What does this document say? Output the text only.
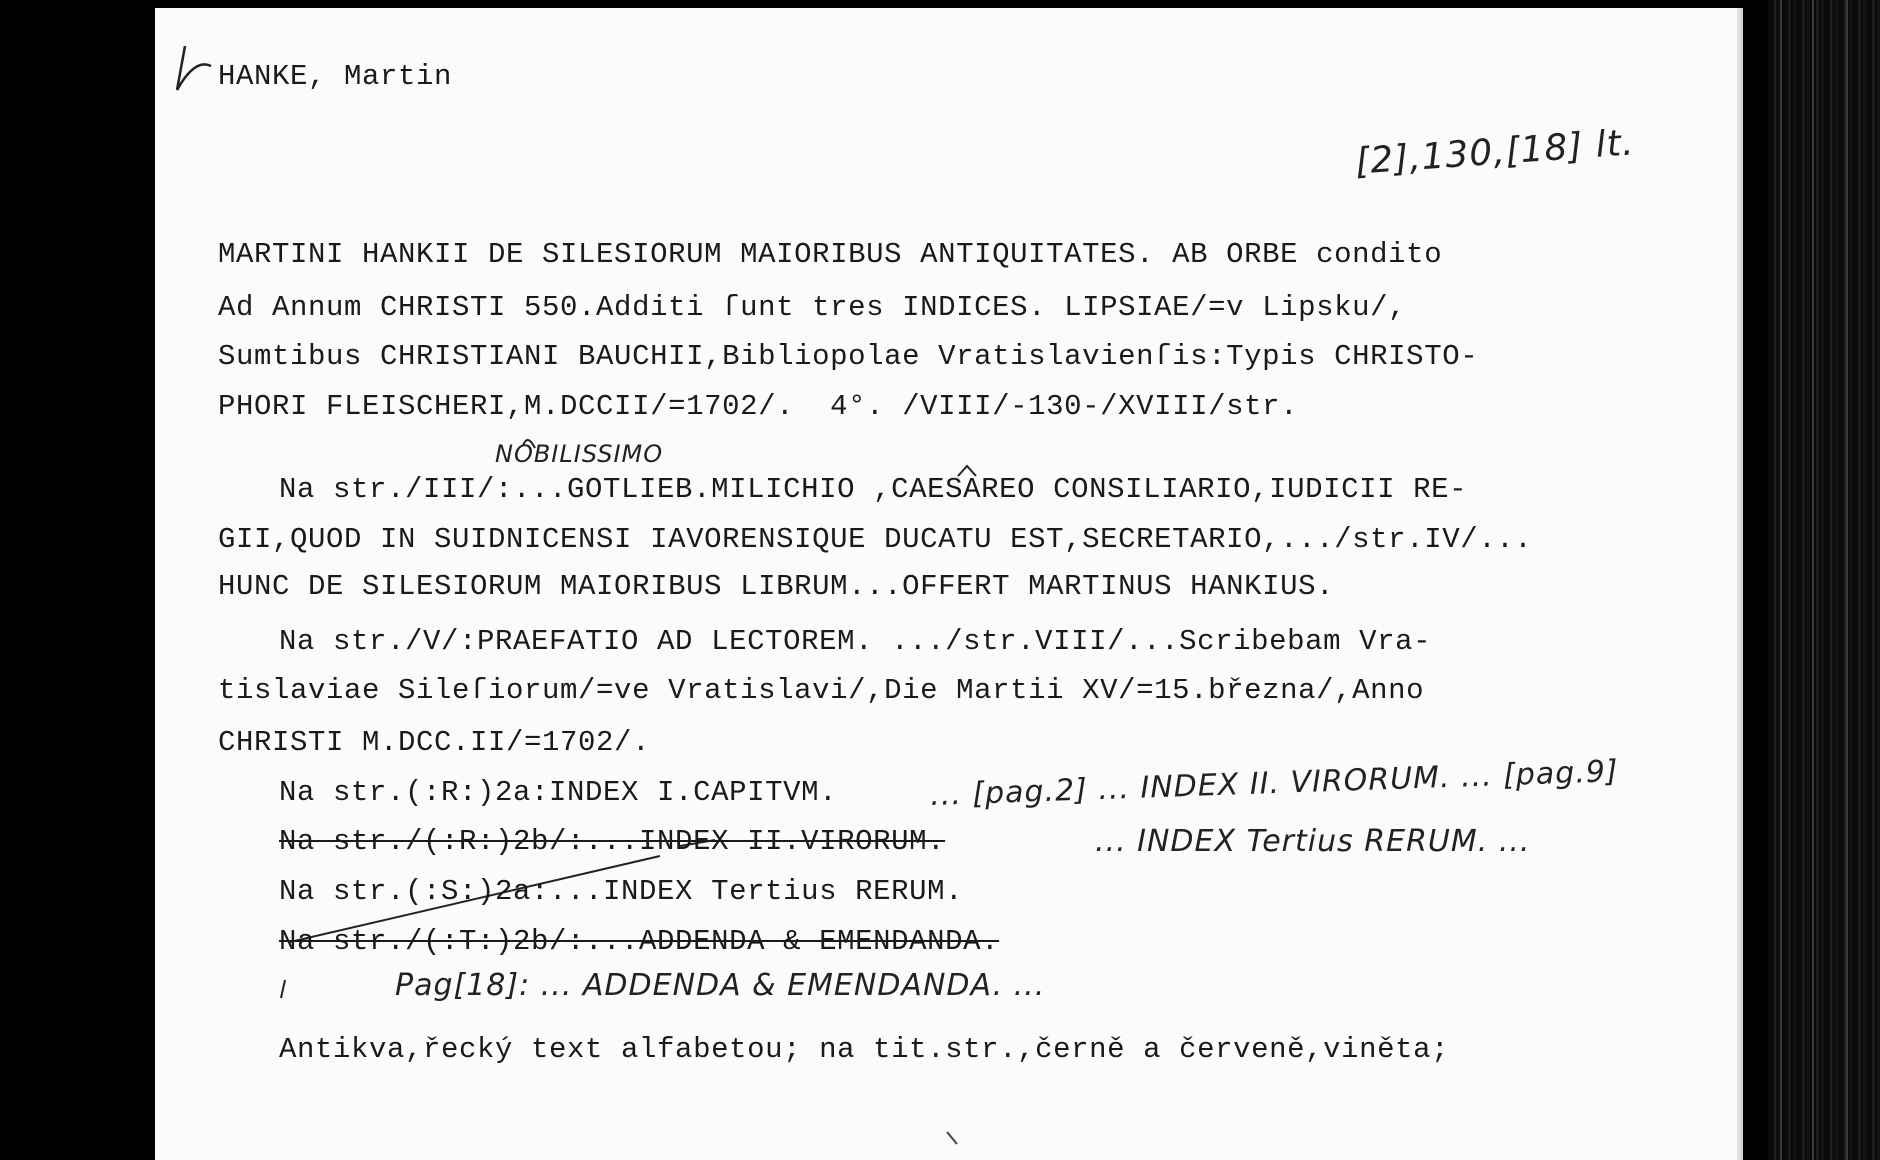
HANKE, Martin
[2],130,[18] lt.
MARTINI HANKII DE SILESIORUM MAIORIBUS ANTIQUITATES. AB ORBE condito
Ad Annum CHRISTI 550.Additi ſunt tres INDICES. LIPSIAE/=v Lipsku/,
Sumtibus CHRISTIANI BAUCHII,Bibliopolae Vratislavienſis:Typis CHRISTO-
PHORI FLEISCHERI,M.DCCII/=1702/.  4°. /VIII/-130-/XVIII/str.
NOBILISSIMO
Na str./III/:...GOTLIEB.MILICHIO ,CAESAREO CONSILIARIO,IUDICII RE-
GII,QUOD IN SUIDNICENSI IAVORENSIQUE DUCATU EST,SECRETARIO,.../str.IV/...
HUNC DE SILESIORUM MAIORIBUS LIBRUM...OFFERT MARTINUS HANKIUS.
Na str./V/:PRAEFATIO AD LECTOREM. .../str.VIII/...Scribebam Vra-
tislaviae Sileſiorum/=ve Vratislavi/,Die Martii XV/=15.března/,Anno
CHRISTI M.DCC.II/=1702/.
Na str.(:R:)2a:INDEX I.CAPITVM.
Na str./(:R:)2b/:...INDEX II.VIRORUM.
Na str.(:S:)2a:...INDEX Tertius RERUM.
Na str./(:T:)2b/:...ADDENDA & EMENDANDA.
... [pag.2] ... INDEX II. VIRORUM. ... [pag.9]
... INDEX Tertius RERUM. ...
Pag[18]: ... ADDENDA & EMENDANDA. ...
Antikva,řecký text alfabetou; na tit.str.,černě a červeně,viněta;
